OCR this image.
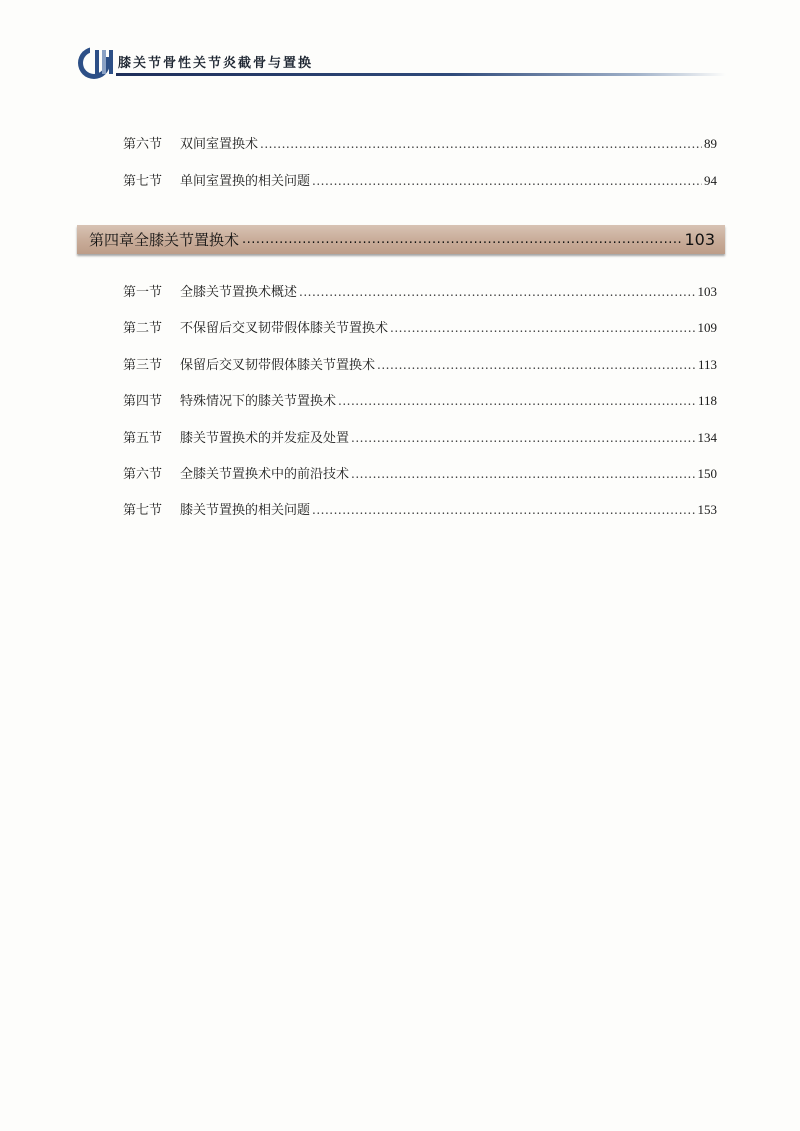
膝关节骨性关节炎截骨与置换
第六节	双间室置换术 .....	89
第七节	单间室置换的相关问题 .....	94
第四章 全膝关节置换术 .....	103
第一节	全膝关节置换术概述 .....	103
第二节	不保留后交叉韧带假体膝关节置换术 .....	109
第三节	保留后交叉韧带假体膝关节置换术 .....	113
第四节	特殊情况下的膝关节置换术 .....	118
第五节	膝关节置换术的并发症及处置 .....	134
第六节	全膝关节置换术中的前沿技术 .....	150
第七节	膝关节置换的相关问题 .....	153
